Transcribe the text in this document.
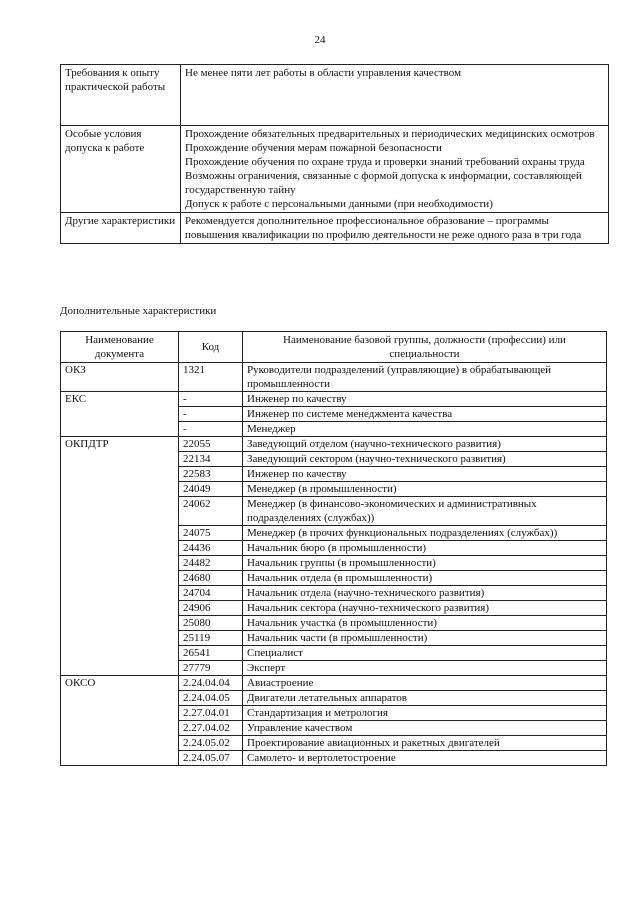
24
Требования к опыту практической работы	Не менее пяти лет работы в области управления качеством

Особые условия допуска к работе	Прохождение обязательных предварительных и периодических медицинских осмотров

Прохождение обучения мерам пожарной безопасности

Прохождение обучения по охране труда и проверки знаний требований охраны труда

Возможны ограничения, связанные с формой допуска к информации, составляющей государственную тайну

Допуск к работе с персональными данными (при необходимости)

Другие характеристики	Рекомендуется дополнительное профессиональное образование – программы повышения квалификации по профилю деятельности не реже одного раза в три года

Дополнительные характеристики
Наименование документа	Код	Наименование базовой группы, должности (профессии) или специальности
ОКЗ	1321	Руководители подразделений (управляющие) в обрабатывающей промышленности
ЕКС	-	Инженер по качеству
	-	Инженер по системе менеджмента качества
	-	Менеджер
ОКПДТР	22055	Заведующий отделом (научно-технического развития)
	22134	Заведующий сектором (научно-технического развития)
	22583	Инженер по качеству
	24049	Менеджер (в промышленности)
	24062	Менеджер (в финансово-экономических и административных подразделениях (службах))
	24075	Менеджер (в прочих функциональных подразделениях (службах))
	24436	Начальник бюро (в промышленности)
	24482	Начальник группы (в промышленности)
	24680	Начальник отдела (в промышленности)
	24704	Начальник отдела (научно-технического развития)
	24906	Начальник сектора (научно-технического развития)
	25080	Начальник участка (в промышленности)
	25119	Начальник части (в промышленности)
	26541	Специалист
	27779	Эксперт
ОКСО	2.24.04.04	Авиастроение
	2.24.04.05	Двигатели летательных аппаратов
	2.27.04.01	Стандартизация и метрология
	2.27.04.02	Управление качеством
	2.24.05.02	Проектирование авиационных и ракетных двигателей
	2.24.05.07	Самолето- и вертолетостроение
